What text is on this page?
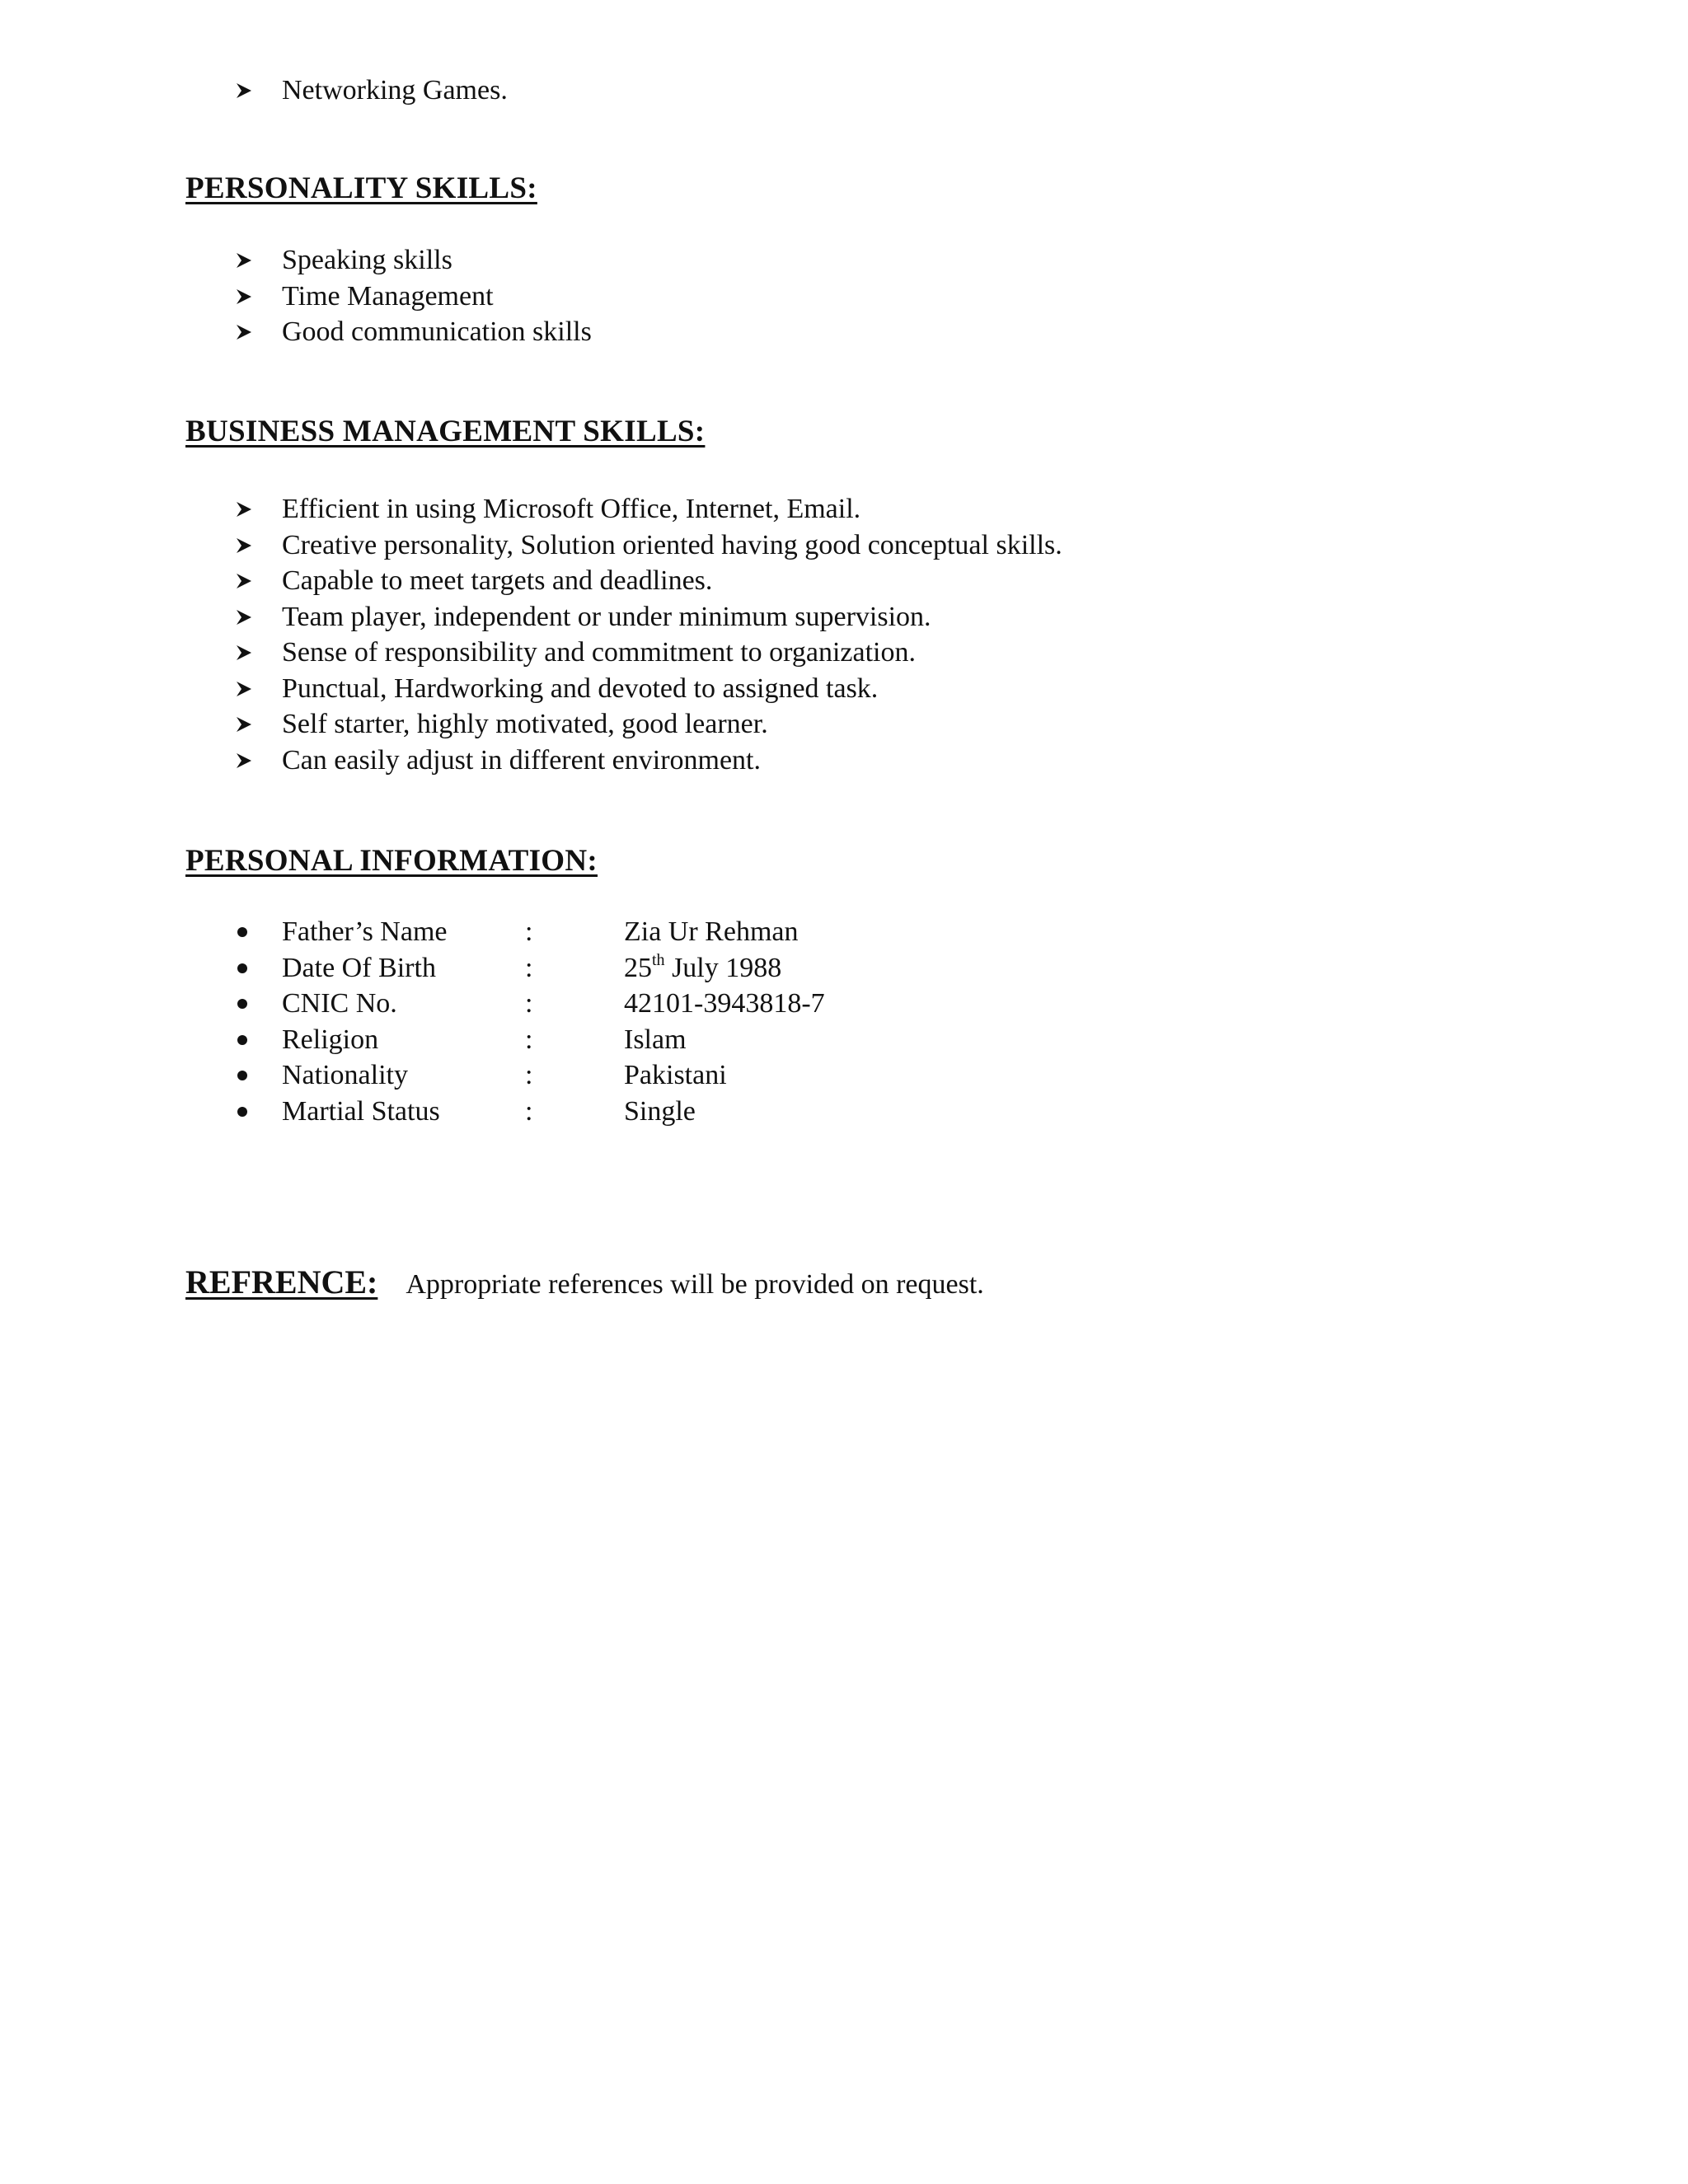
Networking Games.
PERSONALITY SKILLS:
Speaking skills
Time Management
Good communication skills
BUSINESS MANAGEMENT SKILLS:
Efficient in using Microsoft Office, Internet, Email.
Creative personality, Solution oriented having good conceptual skills.
Capable to meet targets and deadlines.
Team player, independent or under minimum supervision.
Sense of responsibility and commitment to organization.
Punctual, Hardworking and devoted to assigned task.
Self starter, highly motivated, good learner.
Can easily adjust in different environment.
PERSONAL INFORMATION:
Father’s Name	:	Zia Ur Rehman
Date Of Birth	:	25th July 1988
CNIC No.	:	42101-3943818-7
Religion	:	Islam
Nationality	:	Pakistani
Martial Status	:	Single
REFRENCE: Appropriate references will be provided on request.
